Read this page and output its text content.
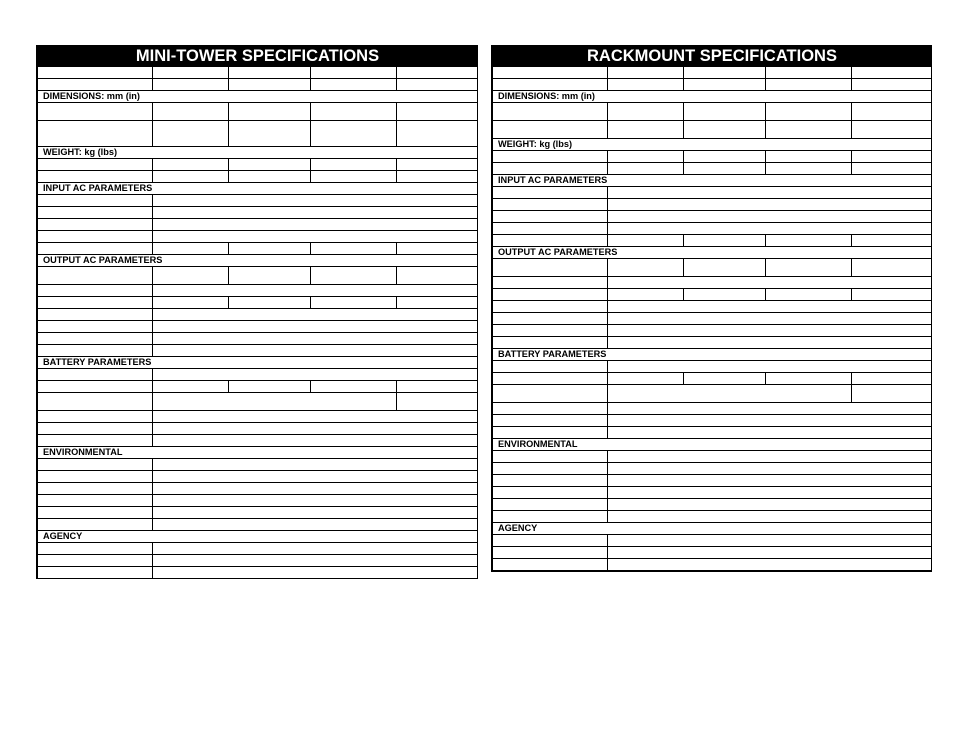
MINI-TOWER SPECIFICATIONS				

DIMENSIONS: mm (in)				

WEIGHT: kg (lbs)				

INPUT AC PARAMETERS				

OUTPUT AC PARAMETERS				

BATTERY PARAMETERS				

ENVIRONMENTAL				

AGENCY				

RACKMOUNT SPECIFICATIONS				

DIMENSIONS: mm (in)				

WEIGHT: kg (lbs)				

INPUT AC PARAMETERS				

OUTPUT AC PARAMETERS				

BATTERY PARAMETERS				

ENVIRONMENTAL				

AGENCY				
